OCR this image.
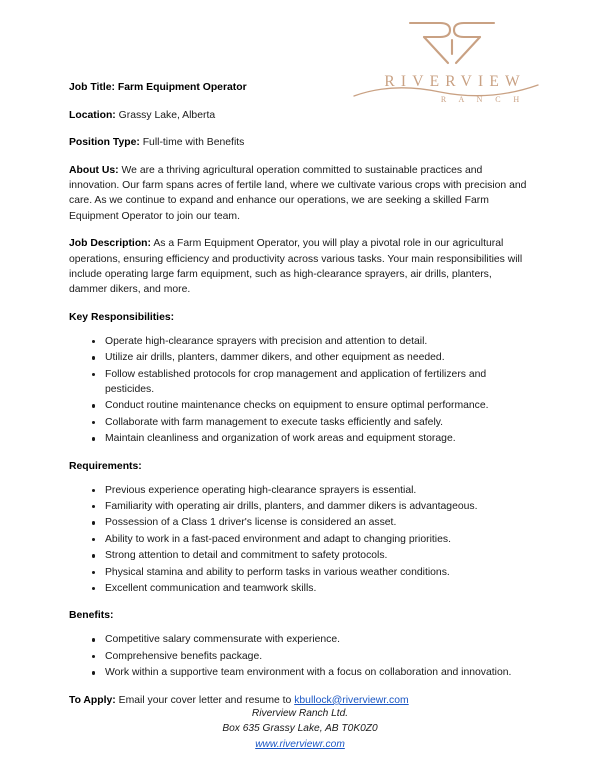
RIVERVIEW
R A N C H

Job Title: Farm Equipment Operator

Location: Grassy Lake, Alberta

Position Type: Full-time with Benefits

About Us: We are a thriving agricultural operation committed to sustainable practices and innovation. Our farm spans acres of fertile land, where we cultivate various crops with precision and care. As we continue to expand and enhance our operations, we are seeking a skilled Farm Equipment Operator to join our team.

Job Description: As a Farm Equipment Operator, you will play a pivotal role in our agricultural operations, ensuring efficiency and productivity across various tasks. Your main responsibilities will include operating large farm equipment, such as high-clearance sprayers, air drills, planters, dammer dikers, and more.

Key Responsibilities:
Operate high-clearance sprayers with precision and attention to detail.
Utilize air drills, planters, dammer dikers, and other equipment as needed.
Follow established protocols for crop management and application of fertilizers and pesticides.
Conduct routine maintenance checks on equipment to ensure optimal performance.
Collaborate with farm management to execute tasks efficiently and safely.
Maintain cleanliness and organization of work areas and equipment storage.
Requirements:
Previous experience operating high-clearance sprayers is essential.
Familiarity with operating air drills, planters, and dammer dikers is advantageous.
Possession of a Class 1 driver's license is considered an asset.
Ability to work in a fast-paced environment and adapt to changing priorities.
Strong attention to detail and commitment to safety protocols.
Physical stamina and ability to perform tasks in various weather conditions.
Excellent communication and teamwork skills.
Benefits:
Competitive salary commensurate with experience.
Comprehensive benefits package.
Work within a supportive team environment with a focus on collaboration and innovation.

To Apply: Email your cover letter and resume to kbullock@riverviewr.com

Riverview Ranch Ltd.
Box 635 Grassy Lake, AB T0K0Z0
www.riverviewr.com
